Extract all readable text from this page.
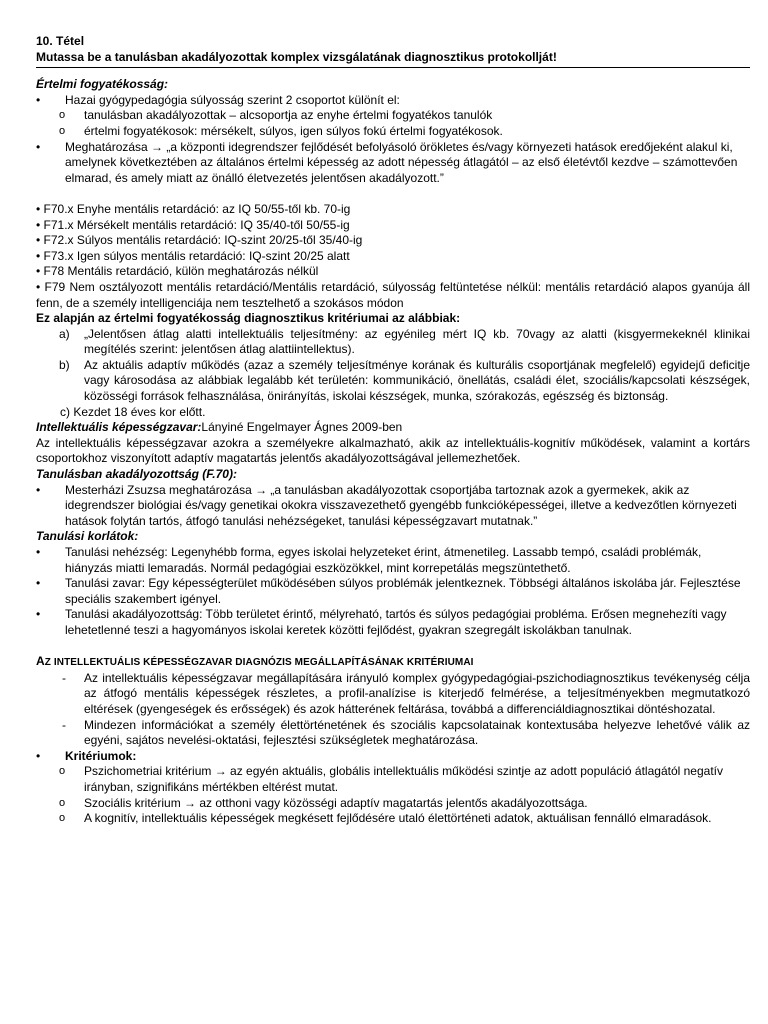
10. Tétel

Mutassa be a tanulásban akadályozottak komplex vizsgálatának diagnosztikus protokollját!

Értelmi fogyatékosság:

• Hazai gyógypedagógia súlyosság szerint 2 csoportot különít el:
o tanulásban akadályozottak – alcsoportja az enyhe értelmi fogyatékos tanulók
o értelmi fogyatékosok: mérsékelt, súlyos, igen súlyos fokú értelmi fogyatékosok.
• Meghatározása → „a központi idegrendszer fejlődését befolyásoló örökletes és/vagy környezeti hatások eredőjeként alakul ki, amelynek következtében az általános értelmi képesség az adott népesség átlagától – az első életévtől kezdve – számottevően elmarad, és amely miatt az önálló életvezetés jelentősen akadályozott.”

• F70.x Enyhe mentális retardáció: az IQ 50/55-től kb. 70-ig

• F71.x Mérsékelt mentális retardáció: IQ 35/40-től 50/55-ig

• F72.x Súlyos mentális retardáció: IQ-szint 20/25-től 35/40-ig

• F73.x Igen súlyos mentális retardáció: IQ-szint 20/25 alatt

• F78 Mentális retardáció, külön meghatározás nélkül

• F79 Nem osztályozott mentális retardáció/Mentális retardáció, súlyosság feltüntetése nélkül: mentális retardáció alapos gyanúja áll fenn, de a személy intelligenciája nem tesztelhető a szokásos módon

Ez alapján az értelmi fogyatékosság diagnosztikus kritériumai az alábbiak:

a) „Jelentősen átlag alatti intellektuális teljesítmény: az egyénileg mért IQ kb. 70vagy az alatti (kisgyermekeknél klinikai megítélés szerint: jelentősen átlag alattiintellektus).

b) Az aktuális adaptív működés (azaz a személy teljesítménye korának és kulturális csoportjának megfelelő) egyidejű deficitje vagy károsodása az alábbiak legalább két területén: kommunikáció, önellátás, családi élet, szociális/kapcsolati készségek, közösségi források felhasználása, önirányítás, iskolai készségek, munka, szórakozás, egészség és biztonság.

c) Kezdet 18 éves kor előtt.

Intellektuális képességzavar:Lányiné Engelmayer Ágnes 2009-ben

Az intellektuális képességzavar azokra a személyekre alkalmazható, akik az intellektuális-kognitív működések, valamint a kortárs csoportokhoz viszonyított adaptív magatartás jelentős akadályozottságával jellemezhetőek.

Tanulásban akadályozottság (F.70):

• Mesterházi Zsuzsa meghatározása → „a tanulásban akadályozottak csoportjába tartoznak azok a gyermekek, akik az idegrendszer biológiai és/vagy genetikai okokra visszavezethető gyengébb funkcióképességei, illetve a kedvezőtlen környezeti hatások folytán tartós, átfogó tanulási nehézségeket, tanulási képességzavart mutatnak.”

Tanulási korlátok:

• Tanulási nehézség: Legenyhébb forma, egyes iskolai helyzeteket érint, átmenetileg. Lassabb tempó, családi problémák, hiányzás miatti lemaradás. Normál pedagógiai eszközökkel, mint korrepetálás megszüntethető.
• Tanulási zavar: Egy képességterület működésében súlyos problémák jelentkeznek. Többségi általános iskolába jár. Fejlesztése speciális szakembert igényel.
• Tanulási akadályozottság: Több területet érintő, mélyreható, tartós és súlyos pedagógiai probléma. Erősen megnehezíti vagy lehetetlenné teszi a hagyományos iskolai keretek közötti fejlődést, gyakran szegregált iskolákban tanulnak.

AZ INTELLEKTUÁLIS KÉPESSÉGZAVAR DIAGNÓZIS MEGÁLLAPÍTÁSÁNAK KRITÉRIUMAI

- Az intellektuális képességzavar megállapítására irányuló komplex gyógypedagógiai-pszichodiagnosztikus tevékenység célja az átfogó mentális képességek részletes, a profil-analízise is kiterjedő felmérése, a teljesítményekben megmutatkozó eltérések (gyengeségek és erősségek) és azok hátterének feltárása, továbbá a differenciáldiagnosztikai döntéshozatal.

- Mindezen információkat a személy élettörténetének és szociális kapcsolatainak kontextusába helyezve lehetővé válik az egyéni, sajátos nevelési-oktatási, fejlesztési szükségletek meghatározása.

• Kritériumok:
o Pszichometriai kritérium → az egyén aktuális, globális intellektuális működési szintje az adott populáció átlagától negatív irányban, szignifikáns mértékben eltérést mutat.
o Szociális kritérium → az otthoni vagy közösségi adaptív magatartás jelentős akadályozottsága.
o A kognitív, intellektuális képességek megkésett fejlődésére utaló élettörténeti adatok, aktuálisan fennálló elmaradások.
